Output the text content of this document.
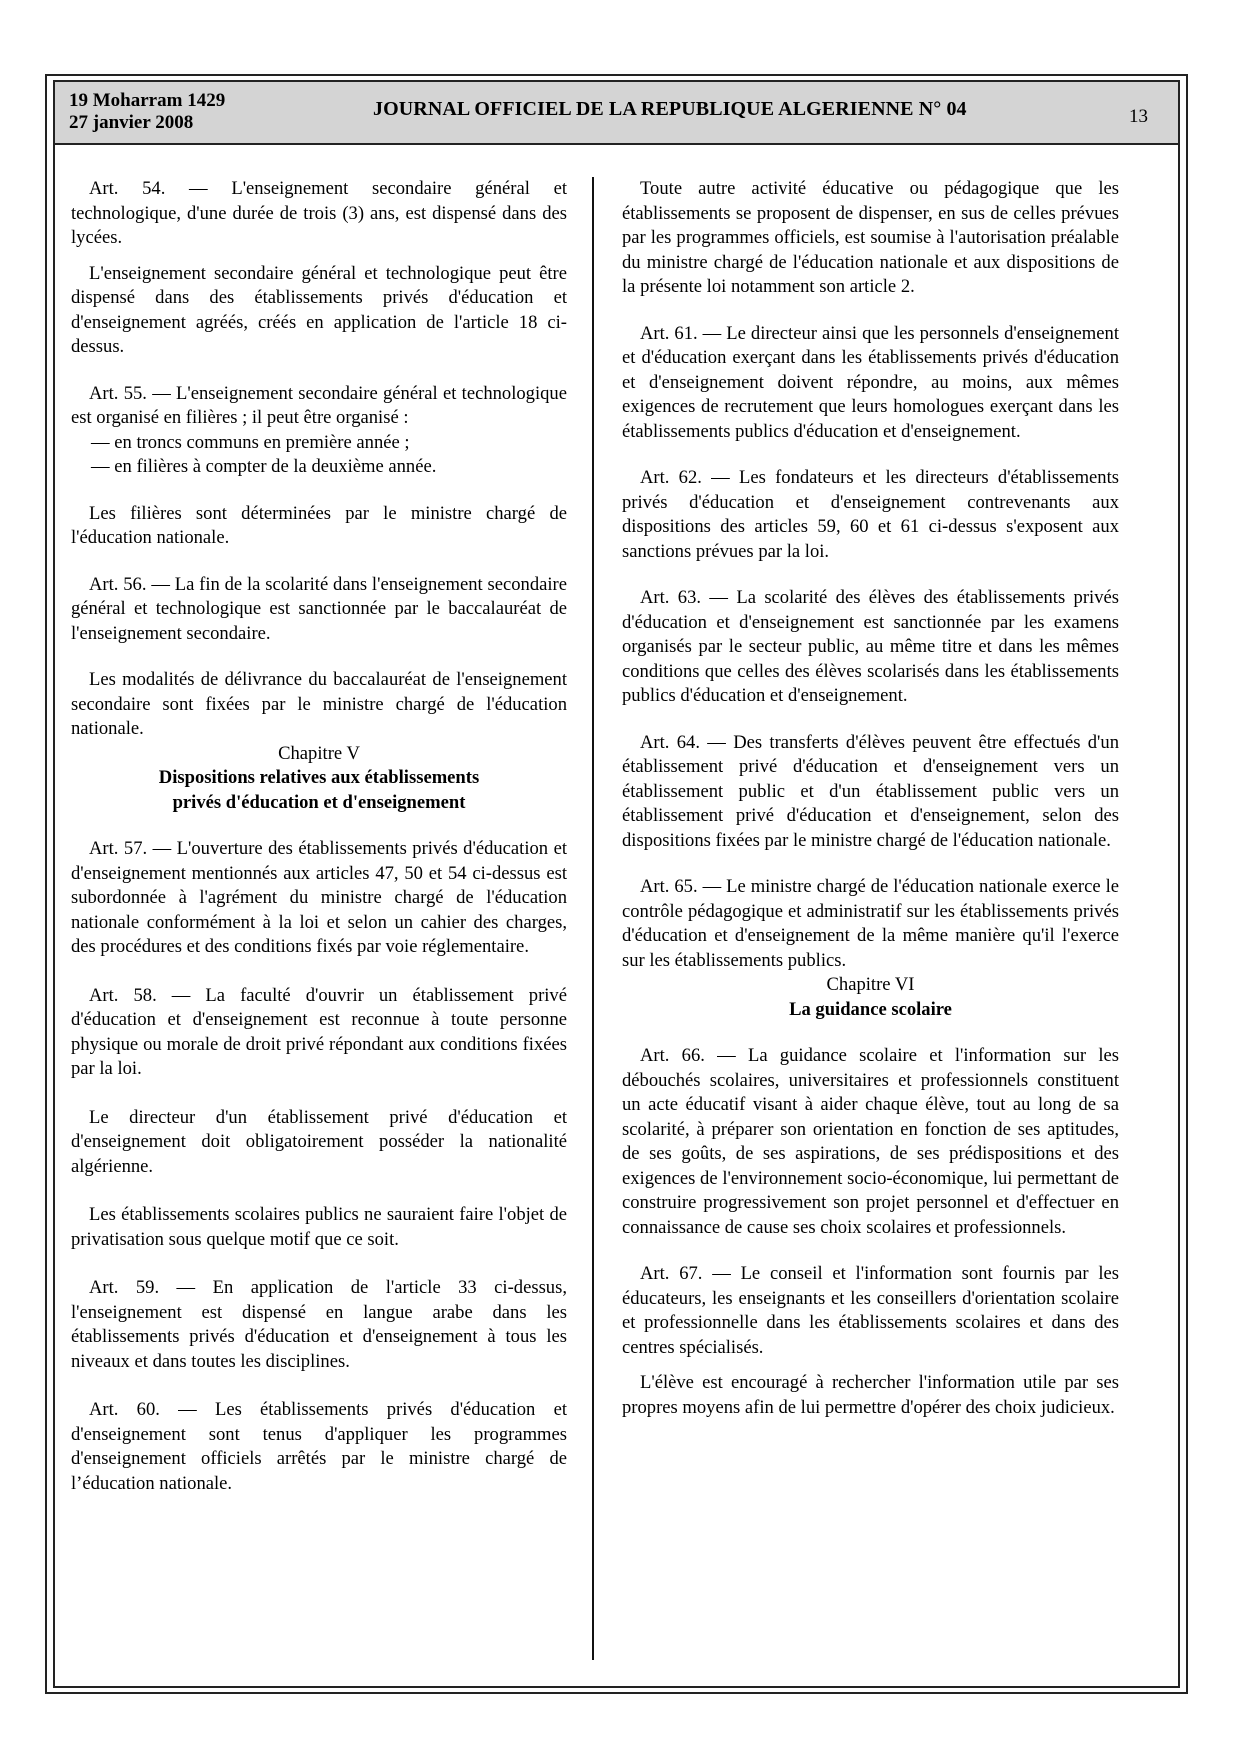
19 Moharram 1429
27 janvier 2008
JOURNAL OFFICIEL DE LA REPUBLIQUE ALGERIENNE N° 04	13

Art. 54. — L'enseignement secondaire général et technologique, d'une durée de trois (3) ans, est dispensé dans des lycées.

L'enseignement secondaire général et technologique peut être dispensé dans des établissements privés d'éducation et d'enseignement agréés, créés en application de l'article 18 ci-dessus.

Art. 55. — L'enseignement secondaire général et technologique est organisé en filières ; il peut être organisé :

— en troncs communs en première année ;

— en filières à compter de la deuxième année.

Les filières sont déterminées par le ministre chargé de l'éducation nationale.

Art. 56. — La fin de la scolarité dans l'enseignement secondaire général et technologique est sanctionnée par le baccalauréat de l'enseignement secondaire.

Les modalités de délivrance du baccalauréat de l'enseignement secondaire sont fixées par le ministre chargé de l'éducation nationale.

Chapitre V

Dispositions relatives aux établissements

privés d'éducation et d'enseignement

Art. 57. — L'ouverture des établissements privés d'éducation et d'enseignement mentionnés aux articles 47, 50 et 54 ci-dessus est subordonnée à l'agrément du ministre chargé de l'éducation nationale conformément à la loi et selon un cahier des charges, des procédures et des conditions fixés par voie réglementaire.

Art. 58. — La faculté d'ouvrir un établissement privé d'éducation et d'enseignement est reconnue à toute personne physique ou morale de droit privé répondant aux conditions fixées par la loi.

Le directeur d'un établissement privé d'éducation et d'enseignement doit obligatoirement posséder la nationalité algérienne.

Les établissements scolaires publics ne sauraient faire l'objet de privatisation sous quelque motif que ce soit.

Art. 59. — En application de l'article 33 ci-dessus, l'enseignement est dispensé en langue arabe dans les établissements privés d'éducation et d'enseignement à tous les niveaux et dans toutes les disciplines.

Art. 60. — Les établissements privés d'éducation et d'enseignement sont tenus d'appliquer les programmes d'enseignement officiels arrêtés par le ministre chargé de l’éducation nationale.

Toute autre activité éducative ou pédagogique que les établissements se proposent de dispenser, en sus de celles prévues par les programmes officiels, est soumise à l'autorisation préalable du ministre chargé de l'éducation nationale et aux dispositions de la présente loi notamment son article 2.

Art. 61. — Le directeur ainsi que les personnels d'enseignement et d'éducation exerçant dans les établissements privés d'éducation et d'enseignement doivent répondre, au moins, aux mêmes exigences de recrutement que leurs homologues exerçant dans les établissements publics d'éducation et d'enseignement.

Art. 62. — Les fondateurs et les directeurs d'établissements privés d'éducation et d'enseignement contrevenants aux dispositions des articles 59, 60 et 61 ci-dessus s'exposent aux sanctions prévues par la loi.

Art. 63. — La scolarité des élèves des établissements privés d'éducation et d'enseignement est sanctionnée par les examens organisés par le secteur public, au même titre et dans les mêmes conditions que celles des élèves scolarisés dans les établissements publics d'éducation et d'enseignement.

Art. 64. — Des transferts d'élèves peuvent être effectués d'un établissement privé d'éducation et d'enseignement vers un établissement public et d'un établissement public vers un établissement privé d'éducation et d'enseignement, selon des dispositions fixées par le ministre chargé de l'éducation nationale.

Art. 65. — Le ministre chargé de l'éducation nationale exerce le contrôle pédagogique et administratif sur les établissements privés d'éducation et d'enseignement de la même manière qu'il l'exerce sur les établissements publics.

Chapitre VI

La guidance scolaire

Art. 66. — La guidance scolaire et l'information sur les débouchés scolaires, universitaires et professionnels constituent un acte éducatif visant à aider chaque élève, tout au long de sa scolarité, à préparer son orientation en fonction de ses aptitudes, de ses goûts, de ses aspirations, de ses prédispositions et des exigences de l'environnement socio-économique, lui permettant de construire progressivement son projet personnel et d'effectuer en connaissance de cause ses choix scolaires et professionnels.

Art. 67. — Le conseil et l'information sont fournis par les éducateurs, les enseignants et les conseillers d'orientation scolaire et professionnelle dans les établissements scolaires et dans des centres spécialisés.

L'élève est encouragé à rechercher l'information utile par ses propres moyens afin de lui permettre d'opérer des choix judicieux.
